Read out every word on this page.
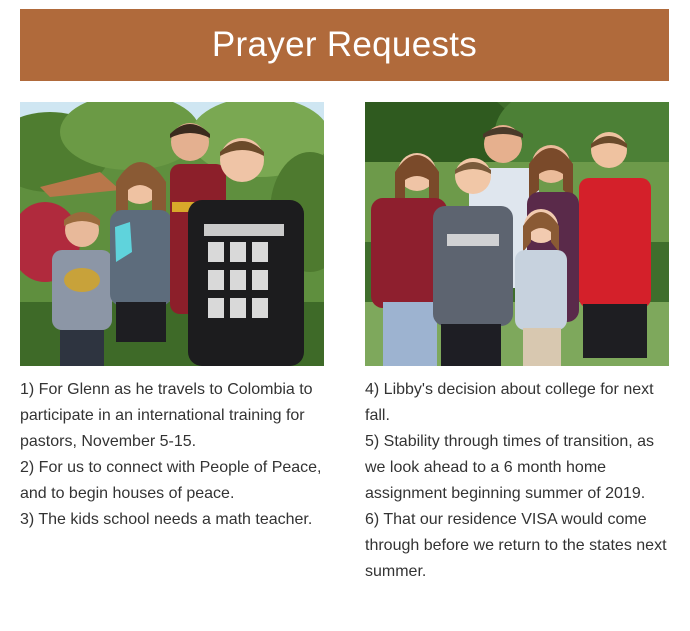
Prayer Requests

1) For Glenn as he travels to Colombia to participate in an international training for pastors, November 5-15.

2) For us to connect with People of Peace, and to begin houses of peace.

3) The kids school needs a math teacher.

4) Libby's decision about college for next fall.

5) Stability through times of transition, as we look ahead to a 6 month home assignment beginning summer of 2019.

6) That our residence VISA would come through before we return to the states next summer.
